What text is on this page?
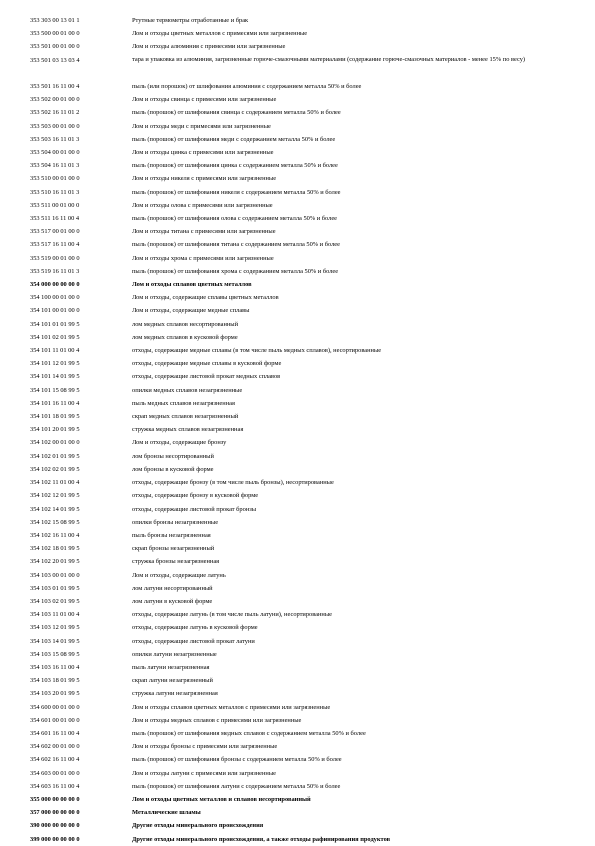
353 303 00 13 01 1	Ртутные термометры отработанные и брак
353 500 00 01 00 0	Лом и отходы цветных металлов с примесями или загрязненные
353 501 00 01 00 0	Лом и отходы алюминия с примесями или загрязненные
353 501 03 13 03 4	тара и упаковка из алюминия, загрязненные горюче-смазочными материалами (содержание горюче-смазочных материалов - менее 15% по весу)
353 501 16 11 00 4	пыль (или порошок) от шлифования алюминия с содержанием металла 50% и более
353 502 00 01 00 0	Лом и отходы свинца с примесями или загрязненные
353 502 16 11 01 2	пыль (порошок) от шлифования свинца с содержанием металла 50% и более
353 503 00 01 00 0	Лом и отходы меди с примесями или загрязненные
353 503 16 11 01 3	пыль (порошок) от шлифования меди с содержанием металла 50% и более
353 504 00 01 00 0	Лом и отходы цинка с примесями или загрязненные
353 504 16 11 01 3	пыль (порошок) от шлифования цинка с содержанием металла 50% и более
353 510 00 01 00 0	Лом и отходы никеля с примесями или загрязненные
353 510 16 11 01 3	пыль (порошок) от шлифования никеля с содержанием металла 50% и более
353 511 00 01 00 0	Лом и отходы олова с примесями или загрязненные
353 511 16 11 00 4	пыль (порошок) от шлифования олова с содержанием металла 50% и более
353 517 00 01 00 0	Лом и отходы титана с примесями или загрязненные
353 517 16 11 00 4	пыль (порошок) от шлифования титана с содержанием металла 50% и более
353 519 00 01 00 0	Лом и отходы хрома с примесями или загрязненные
353 519 16 11 01 3	пыль (порошок) от шлифования хрома с содержанием металла 50% и более
354 000 00 00 00 0	Лом и отходы сплавов цветных металлов
354 100 00 01 00 0	Лом и отходы, содержащие сплавы цветных металлов
354 101 00 01 00 0	Лом и отходы, содержащие медные сплавы
354 101 01 01 99 5	лом медных сплавов несортированный
354 101 02 01 99 5	лом медных сплавов в кусковой форме
354 101 11 01 00 4	отходы, содержащие медные сплавы (в том числе пыль медных сплавов), несортированные
354 101 12 01 99 5	отходы, содержащие медные сплавы в кусковой форме
354 101 14 01 99 5	отходы, содержащие листовой прокат медных сплавов
354 101 15 08 99 5	опилки медных сплавов незагрязненные
354 101 16 11 00 4	пыль медных сплавов незагрязненная
354 101 18 01 99 5	скрап медных сплавов незагрязненный
354 101 20 01 99 5	стружка медных сплавов незагрязненная
354 102 00 01 00 0	Лом и отходы, содержащие бронзу
354 102 01 01 99 5	лом бронзы несортированный
354 102 02 01 99 5	лом бронзы в кусковой форме
354 102 11 01 00 4	отходы, содержащие бронзу (в том числе пыль бронзы), несортированные
354 102 12 01 99 5	отходы, содержащие бронзу в кусковой форме
354 102 14 01 99 5	отходы, содержащие листовой прокат бронзы
354 102 15 08 99 5	опилки бронзы незагрязненные
354 102 16 11 00 4	пыль бронзы незагрязненная
354 102 18 01 99 5	скрап бронзы незагрязненный
354 102 20 01 99 5	стружка бронзы незагрязненная
354 103 00 01 00 0	Лом и отходы, содержащие латунь
354 103 01 01 99 5	лом латуни несортированный
354 103 02 01 99 5	лом латуни в кусковой форме
354 103 11 01 00 4	отходы, содержащие латунь (в том числе пыль латуни), несортированные
354 103 12 01 99 5	отходы, содержащие латунь в кусковой форме
354 103 14 01 99 5	отходы, содержащие листовой прокат латуни
354 103 15 08 99 5	опилки латуни незагрязненные
354 103 16 11 00 4	пыль латуни незагрязненная
354 103 18 01 99 5	скрап латуни незагрязненный
354 103 20 01 99 5	стружка латуни незагрязненная
354 600 00 01 00 0	Лом и отходы сплавов цветных металлов с примесями или загрязненные
354 601 00 01 00 0	Лом и отходы медных сплавов с примесями или загрязненные
354 601 16 11 00 4	пыль (порошок) от шлифования медных сплавов с содержанием металла 50% и более
354 602 00 01 00 0	Лом и отходы бронзы с примесями или загрязненные
354 602 16 11 00 4	пыль (порошок) от шлифования бронзы с содержанием металла 50% и более
354 603 00 01 00 0	Лом и отходы латуни с примесями или загрязненные
354 603 16 11 00 4	пыль (порошок) от шлифования латуни с содержанием металла 50% и более
355 000 00 00 00 0	Лом и отходы цветных металлов и сплавов несортированный
357 000 00 00 00 0	Металлические шламы
390 000 00 00 00 0	Другие отходы минерального происхождения
399 000 00 00 00 0	Другие отходы минерального происхождения, а также отходы рафинирования продуктов
